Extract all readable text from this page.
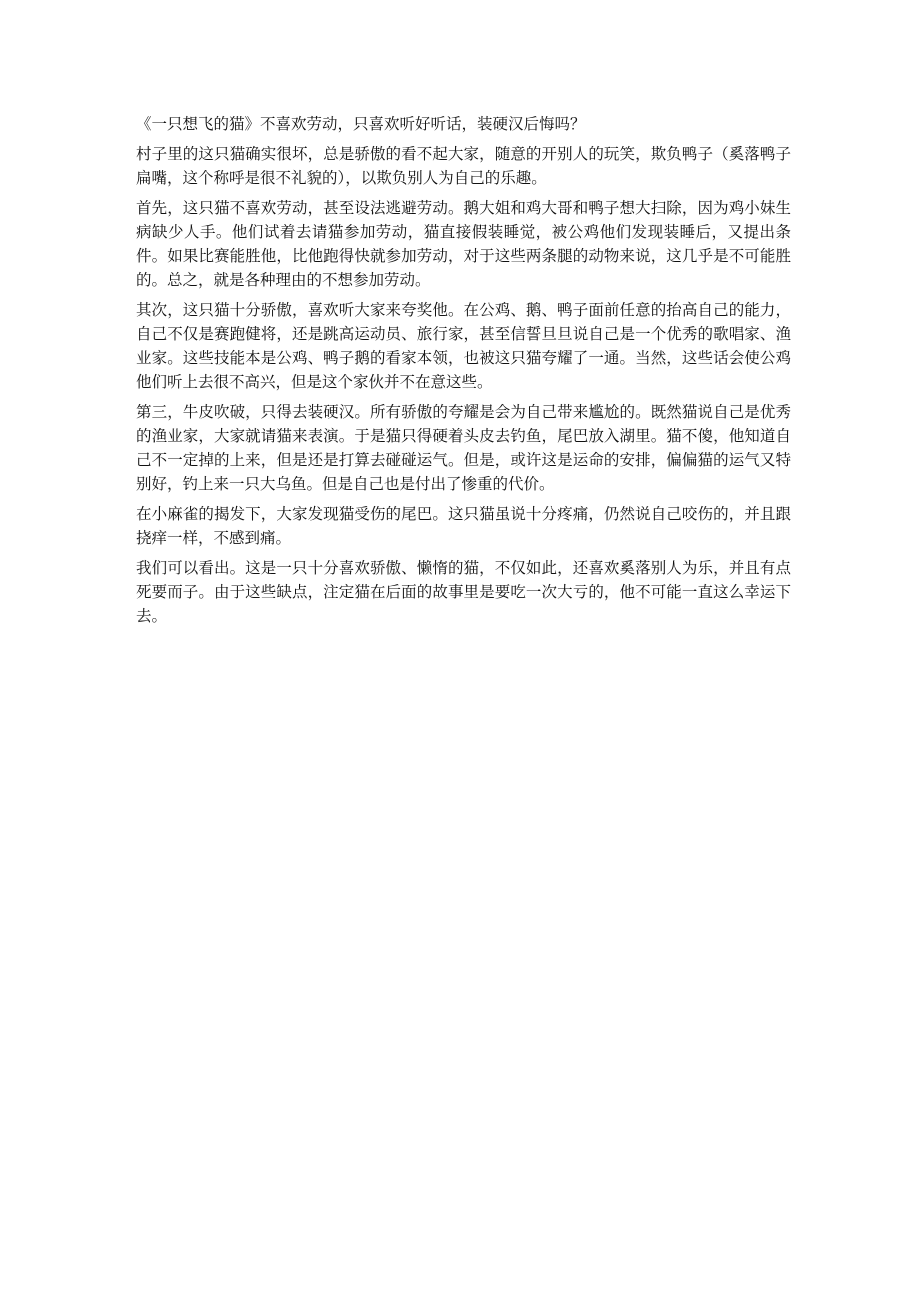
《一只想飞的猫》不喜欢劳动，只喜欢听好听话，装硬汉后悔吗？

村子里的这只猫确实很坏，总是骄傲的看不起大家，随意的开别人的玩笑，欺负鸭子（奚落鸭子扁嘴，这个称呼是很不礼貌的），以欺负别人为自己的乐趣。

首先，这只猫不喜欢劳动，甚至设法逃避劳动。鹅大姐和鸡大哥和鸭子想大扫除，因为鸡小妹生病缺少人手。他们试着去请猫参加劳动，猫直接假装睡觉，被公鸡他们发现装睡后，又提出条件。如果比赛能胜他，比他跑得快就参加劳动，对于这些两条腿的动物来说，这几乎是不可能胜的。总之，就是各种理由的不想参加劳动。

其次，这只猫十分骄傲，喜欢听大家来夸奖他。在公鸡、鹅、鸭子面前任意的抬高自己的能力，自己不仅是赛跑健将，还是跳高运动员、旅行家，甚至信誓旦旦说自己是一个优秀的歌唱家、渔业家。这些技能本是公鸡、鸭子鹅的看家本领，也被这只猫夸耀了一通。当然，这些话会使公鸡他们听上去很不高兴，但是这个家伙并不在意这些。

第三，牛皮吹破，只得去装硬汉。所有骄傲的夸耀是会为自己带来尴尬的。既然猫说自己是优秀的渔业家，大家就请猫来表演。于是猫只得硬着头皮去钓鱼，尾巴放入湖里。猫不傻，他知道自己不一定掉的上来，但是还是打算去碰碰运气。但是，或许这是运命的安排，偏偏猫的运气又特别好，钓上来一只大乌鱼。但是自己也是付出了惨重的代价。

在小麻雀的揭发下，大家发现猫受伤的尾巴。这只猫虽说十分疼痛，仍然说自己咬伤的，并且跟挠痒一样，不感到痛。

我们可以看出。这是一只十分喜欢骄傲、懒惰的猫，不仅如此，还喜欢奚落别人为乐，并且有点死要而子。由于这些缺点，注定猫在后面的故事里是要吃一次大亏的，他不可能一直这么幸运下去。
